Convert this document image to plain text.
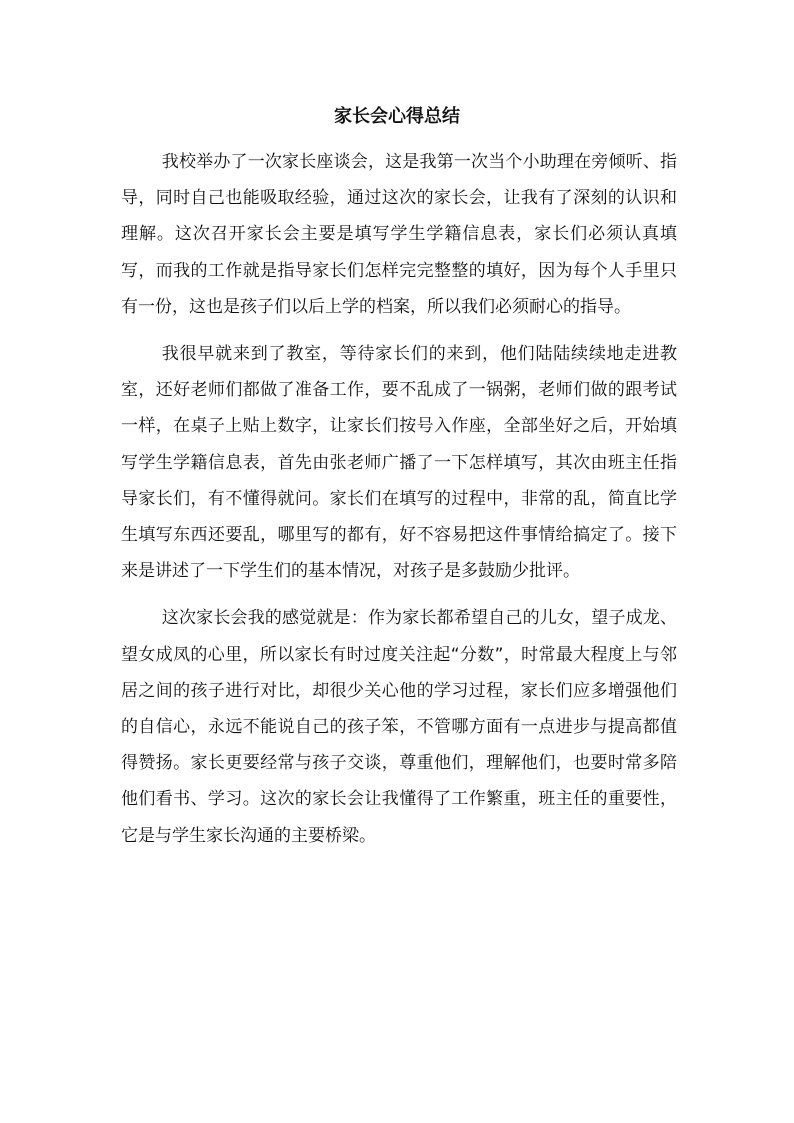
家长会心得总结

我校举办了一次家长座谈会，这是我第一次当个小助理在旁倾听、指导，同时自己也能吸取经验，通过这次的家长会，让我有了深刻的认识和理解。这次召开家长会主要是填写学生学籍信息表，家长们必须认真填写，而我的工作就是指导家长们怎样完完整整的填好，因为每个人手里只有一份，这也是孩子们以后上学的档案，所以我们必须耐心的指导。

我很早就来到了教室，等待家长们的来到，他们陆陆续续地走进教室，还好老师们都做了准备工作，要不乱成了一锅粥，老师们做的跟考试一样，在桌子上贴上数字，让家长们按号入作座，全部坐好之后，开始填写学生学籍信息表，首先由张老师广播了一下怎样填写，其次由班主任指导家长们，有不懂得就问。家长们在填写的过程中，非常的乱，简直比学生填写东西还要乱，哪里写的都有，好不容易把这件事情给搞定了。接下来是讲述了一下学生们的基本情况，对孩子是多鼓励少批评。

这次家长会我的感觉就是：作为家长都希望自己的儿女，望子成龙、望女成凤的心里，所以家长有时过度关注起“分数”，时常最大程度上与邻居之间的孩子进行对比，却很少关心他的学习过程，家长们应多增强他们的自信心，永远不能说自己的孩子笨，不管哪方面有一点进步与提高都值得赞扬。家长更要经常与孩子交谈，尊重他们，理解他们，也要时常多陪他们看书、学习。这次的家长会让我懂得了工作繁重，班主任的重要性，它是与学生家长沟通的主要桥梁。
